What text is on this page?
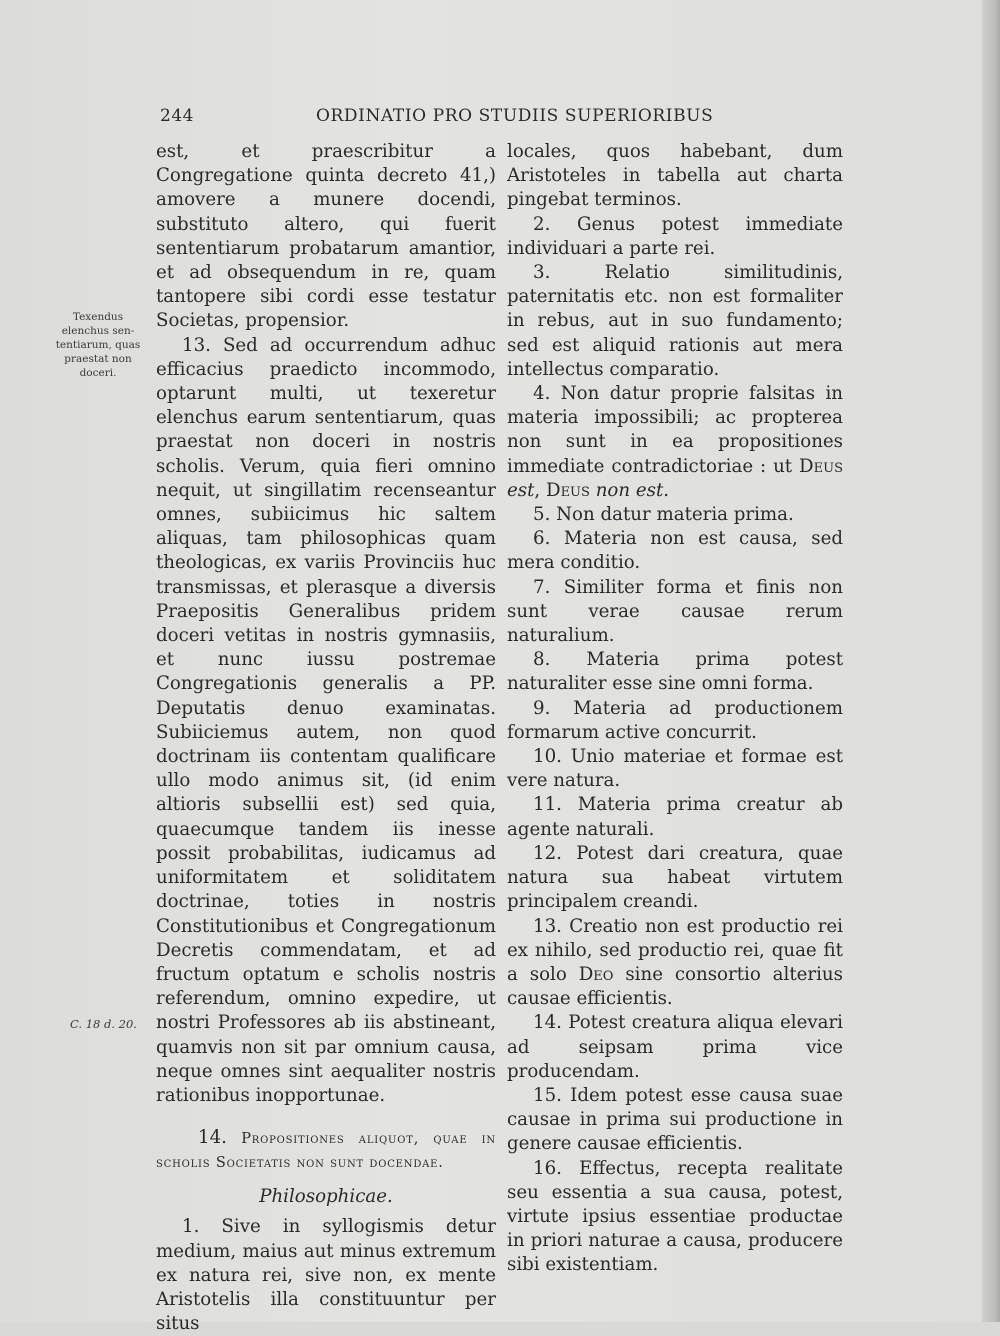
244	ORDINATIO PRO STUDIIS SUPERIORIBUS
Texendus elenchus sen-tentiarum, quas praestat non doceri.
C. 18 d. 20.

est, et praescribitur a Congregatione quinta decreto 41,) amovere a munere docendi, substituto altero, qui fuerit sententiarum probatarum amantior, et ad obsequendum in re, quam tantopere sibi cordi esse testatur Societas, propensior.

13. Sed ad occurrendum adhuc efficacius praedicto incommodo, optarunt multi, ut texeretur elenchus earum sententiarum, quas praestat non doceri in nostris scholis. Verum, quia fieri omnino nequit, ut singillatim recenseantur omnes, subiicimus hic saltem aliquas, tam philosophicas quam theologicas, ex variis Provinciis huc transmissas, et plerasque a diversis Praepositis Generalibus pridem doceri vetitas in nostris gymnasiis, et nunc iussu postremae Congregationis generalis a PP. Deputatis denuo examinatas. Subiiciemus autem, non quod doctrinam iis contentam qualificare ullo modo animus sit, (id enim altioris subsellii est) sed quia, quaecumque tandem iis inesse possit probabilitas, iudicamus ad uniformitatem et soliditatem doctrinae, toties in nostris Constitutionibus et Congregationum Decretis commendatam, et ad fructum optatum e scholis nostris referendum, omnino expedire, ut nostri Professores ab iis abstineant, quamvis non sit par omnium causa, neque omnes sint aequaliter nostris rationibus inopportunae.

14. Propositiones aliquot, quae in scholis Societatis non sunt docendae.

Philosophicae.

1. Sive in syllogismis detur medium, maius aut minus extremum ex natura rei, sive non, ex mente Aristotelis illa constituuntur per situs

locales, quos habebant, dum Aristoteles in tabella aut charta pingebat terminos.

2. Genus potest immediate individuari a parte rei.

3. Relatio similitudinis, paternitatis etc. non est formaliter in rebus, aut in suo fundamento; sed est aliquid rationis aut mera intellectus comparatio.

4. Non datur proprie falsitas in materia impossibili; ac propterea non sunt in ea propositiones immediate contradictoriae : ut Deus est, Deus non est.

5. Non datur materia prima.

6. Materia non est causa, sed mera conditio.

7. Similiter forma et finis non sunt verae causae rerum naturalium.

8. Materia prima potest naturaliter esse sine omni forma.

9. Materia ad productionem formarum active concurrit.

10. Unio materiae et formae est vere natura.

11. Materia prima creatur ab agente naturali.

12. Potest dari creatura, quae natura sua habeat virtutem principalem creandi.

13. Creatio non est productio rei ex nihilo, sed productio rei, quae fit a solo Deo sine consortio alterius causae efficientis.

14. Potest creatura aliqua elevari ad seipsam prima vice producendam.

15. Idem potest esse causa suae causae in prima sui productione in genere causae efficientis.

16. Effectus, recepta realitate seu essentia a sua causa, potest, virtute ipsius essentiae productae in priori naturae a causa, producere sibi existentiam.
